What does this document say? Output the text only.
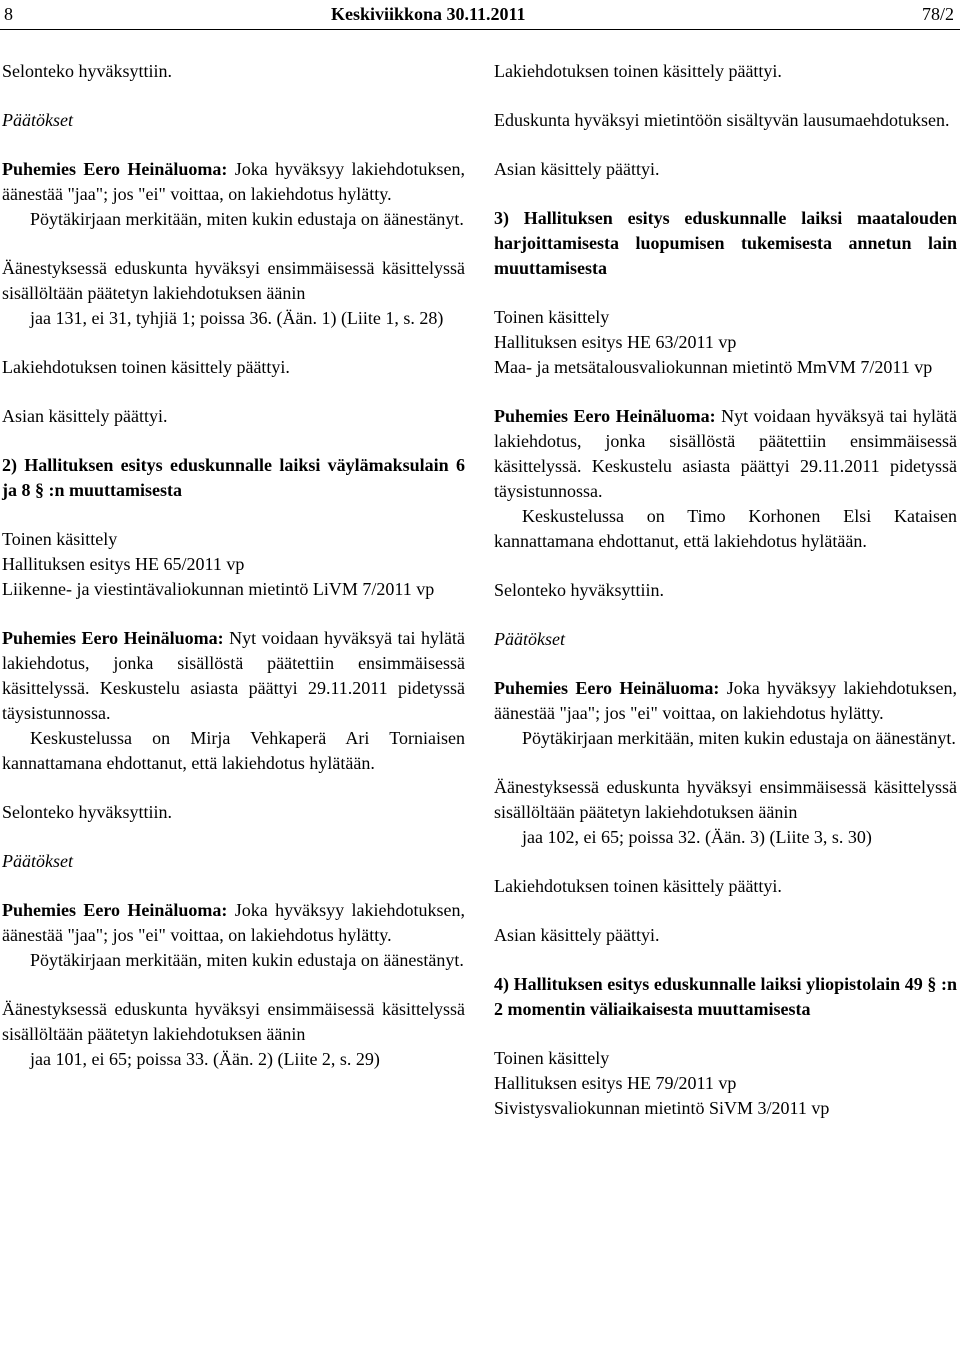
8	Keskiviikkona 30.11.2011	78/2

Selonteko hyväksyttiin.

Päätökset

Puhemies Eero Heinäluoma: Joka hyväksyy lakiehdotuksen, äänestää "jaa"; jos "ei" voittaa, on lakiehdotus hylätty.

Pöytäkirjaan merkitään, miten kukin edustaja on äänestänyt.

Äänestyksessä eduskunta hyväksyi ensimmäisessä käsittelyssä sisällöltään päätetyn lakiehdotuksen äänin

jaa 131, ei 31, tyhjiä 1; poissa 36. (Ään. 1) (Liite 1, s. 28)

Lakiehdotuksen toinen käsittely päättyi.

Asian käsittely päättyi.

2) Hallituksen esitys eduskunnalle laiksi väylämaksulain 6 ja 8 § :n muuttamisesta

Toinen käsittely

Hallituksen esitys HE 65/2011 vp

Liikenne- ja viestintävaliokunnan mietintö LiVM 7/2011 vp

Puhemies Eero Heinäluoma: Nyt voidaan hyväksyä tai hylätä lakiehdotus, jonka sisällöstä päätettiin ensimmäisessä käsittelyssä. Keskustelu asiasta päättyi 29.11.2011 pidetyssä täysistunnossa.

Keskustelussa on Mirja Vehkaperä Ari Torniaisen kannattamana ehdottanut, että lakiehdotus hylätään.

Selonteko hyväksyttiin.

Päätökset

Puhemies Eero Heinäluoma: Joka hyväksyy lakiehdotuksen, äänestää "jaa"; jos "ei" voittaa, on lakiehdotus hylätty.

Pöytäkirjaan merkitään, miten kukin edustaja on äänestänyt.

Äänestyksessä eduskunta hyväksyi ensimmäisessä käsittelyssä sisällöltään päätetyn lakiehdotuksen äänin

jaa 101, ei 65; poissa 33. (Ään. 2) (Liite 2, s. 29)

Lakiehdotuksen toinen käsittely päättyi.

Eduskunta hyväksyi mietintöön sisältyvän lausumaehdotuksen.

Asian käsittely päättyi.

3) Hallituksen esitys eduskunnalle laiksi maatalouden harjoittamisesta luopumisen tukemisesta annetun lain muuttamisesta

Toinen käsittely

Hallituksen esitys HE 63/2011 vp

Maa- ja metsätalousvaliokunnan mietintö MmVM 7/2011 vp

Puhemies Eero Heinäluoma: Nyt voidaan hyväksyä tai hylätä lakiehdotus, jonka sisällöstä päätettiin ensimmäisessä käsittelyssä. Keskustelu asiasta päättyi 29.11.2011 pidetyssä täysistunnossa.

Keskustelussa on Timo Korhonen Elsi Kataisen kannattamana ehdottanut, että lakiehdotus hylätään.

Selonteko hyväksyttiin.

Päätökset

Puhemies Eero Heinäluoma: Joka hyväksyy lakiehdotuksen, äänestää "jaa"; jos "ei" voittaa, on lakiehdotus hylätty.

Pöytäkirjaan merkitään, miten kukin edustaja on äänestänyt.

Äänestyksessä eduskunta hyväksyi ensimmäisessä käsittelyssä sisällöltään päätetyn lakiehdotuksen äänin

jaa 102, ei 65; poissa 32. (Ään. 3) (Liite 3, s. 30)

Lakiehdotuksen toinen käsittely päättyi.

Asian käsittely päättyi.

4) Hallituksen esitys eduskunnalle laiksi yliopistolain 49 § :n 2 momentin väliaikaisesta muuttamisesta

Toinen käsittely

Hallituksen esitys HE 79/2011 vp

Sivistysvaliokunnan mietintö SiVM 3/2011 vp
